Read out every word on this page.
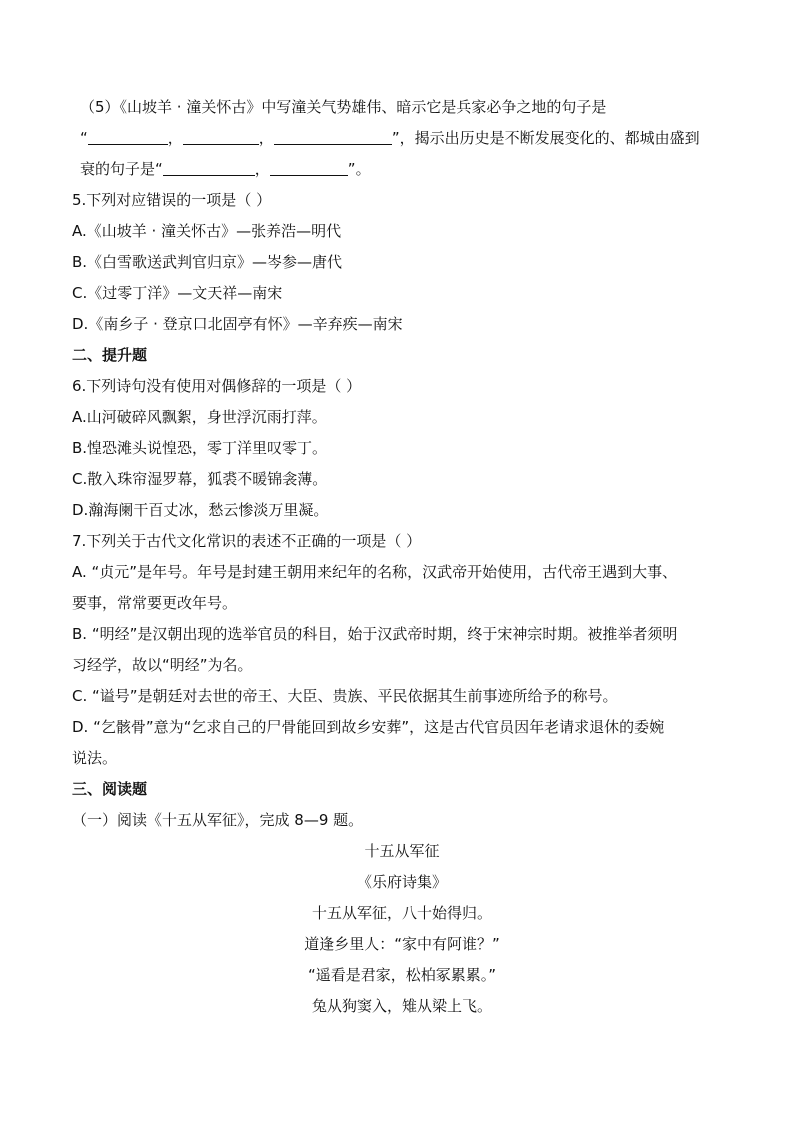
（5）《山坡羊 · 潼关怀古》中写潼关气势雄伟、暗示它是兵家必争之地的句子是
“	，	，	”，揭示出历史是不断发展变化的、都城由盛到
衰的句子是“	，	”。
5.下列对应错误的一项是（ ）
A.《山坡羊 · 潼关怀古》—张养浩—明代
B.《白雪歌送武判官归京》—岑参—唐代
C.《过零丁洋》—文天祥—南宋
D.《南乡子 · 登京口北固亭有怀》—辛弃疾—南宋
二、提升题
6.下列诗句没有使用对偶修辞的一项是（ ）
A.山河破碎风飘絮，身世浮沉雨打萍。
B.惶恐滩头说惶恐，零丁洋里叹零丁。
C.散入珠帘湿罗幕，狐裘不暖锦衾薄。
D.瀚海阑干百丈冰，愁云惨淡万里凝。
7.下列关于古代文化常识的表述不正确的一项是（ ）
A. “贞元”是年号。年号是封建王朝用来纪年的名称，汉武帝开始使用，古代帝王遇到大事、
要事，常常要更改年号。
B. “明经”是汉朝出现的选举官员的科目，始于汉武帝时期，终于宋神宗时期。被推举者须明
习经学，故以“明经”为名。
C. “谥号”是朝廷对去世的帝王、大臣、贵族、平民依据其生前事迹所给予的称号。
D. “乞骸骨”意为“乞求自己的尸骨能回到故乡安葬”，这是古代官员因年老请求退休的委婉
说法。
三、阅读题
（一）阅读《十五从军征》，完成 8—9 题。
十五从军征
《乐府诗集》
十五从军征，八十始得归。
道逢乡里人：“家中有阿谁？”
“遥看是君家，松柏冢累累。”
兔从狗窦入，雉从梁上飞。
